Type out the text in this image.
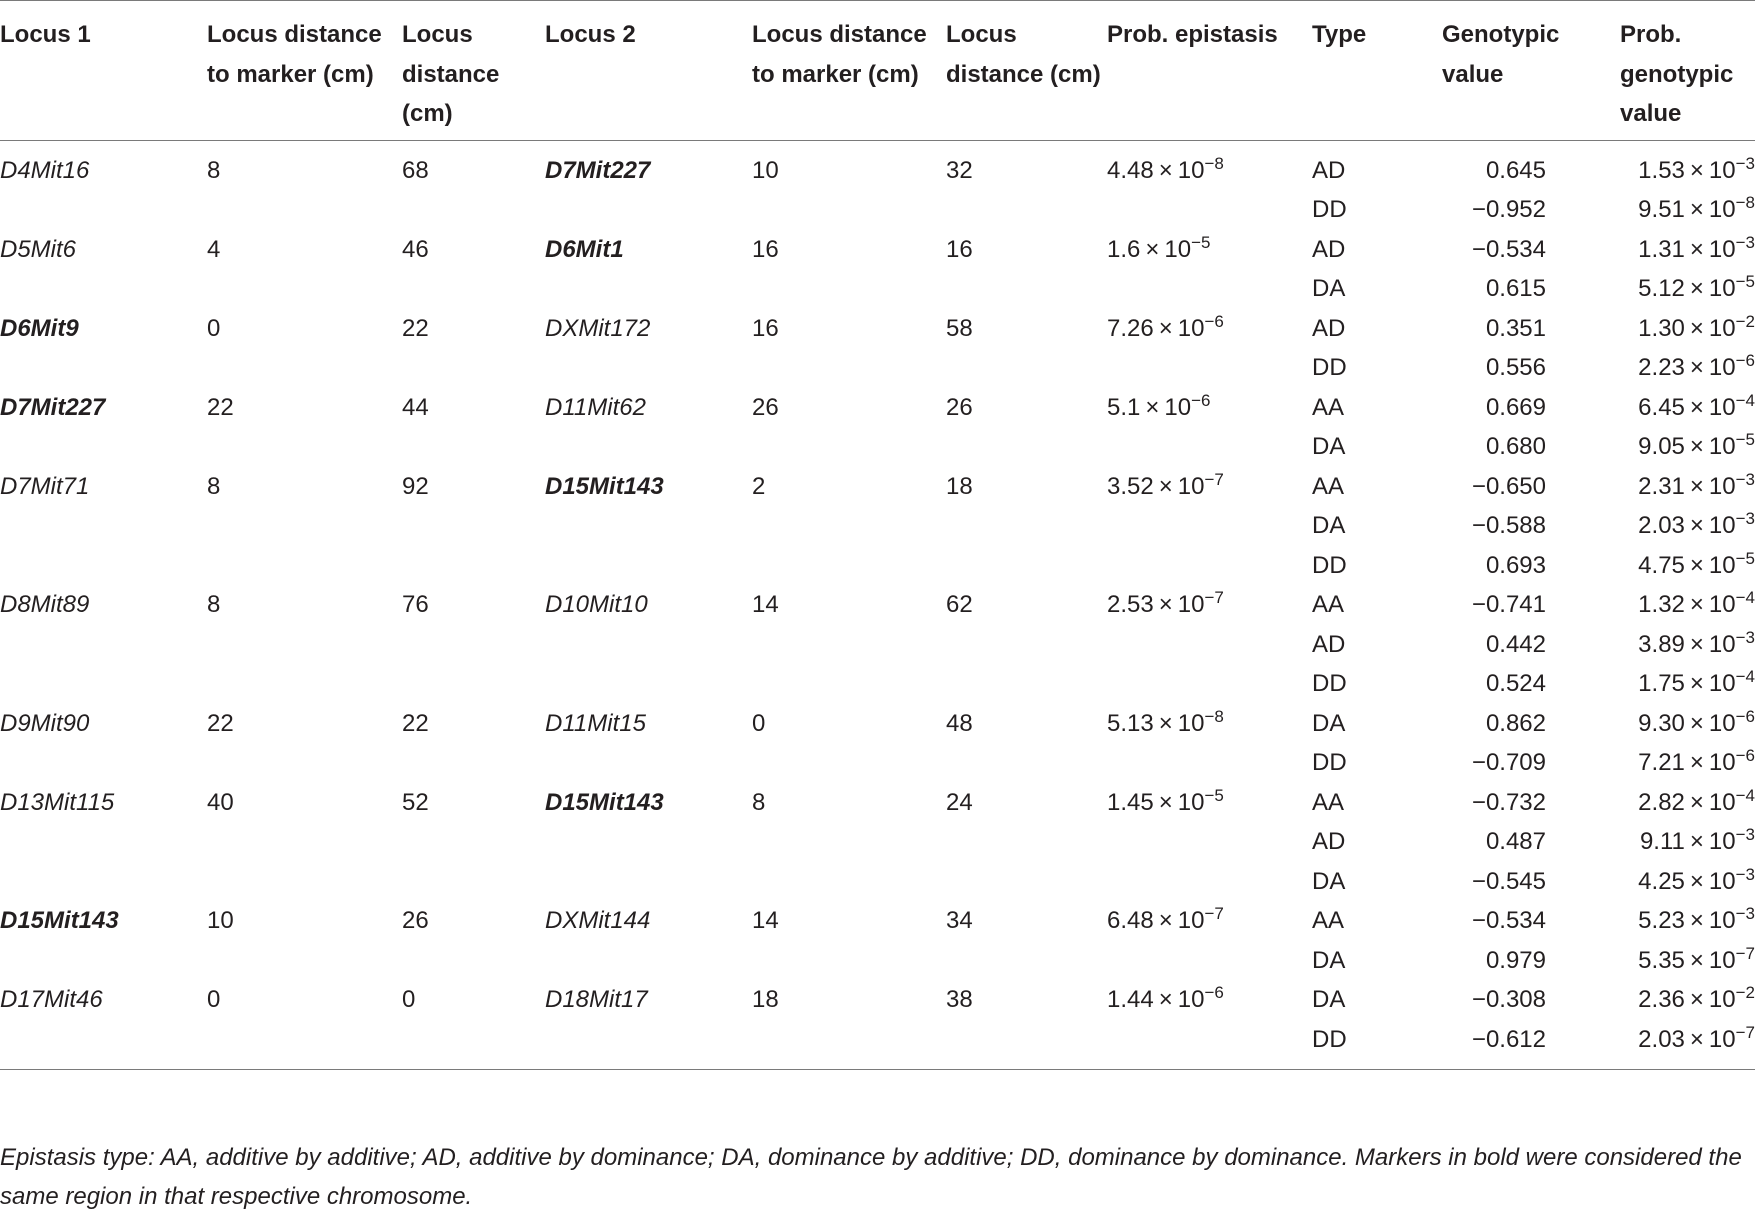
Locus 1	Locus distance to marker (cm)	Locus distance (cm)	Locus 2	Locus distance to marker (cm)	Locus distance (cm)	Prob. epistasis	Type	Genotypic value	Prob. genotypic value
D4Mit16	8	68	D7Mit227	10	32	$4.48 \times 10^{-8}$	AD	0.645	$1.53 \times 10^{-3}$
							DD	−0.952	$9.51 \times 10^{-8}$
D5Mit6	4	46	D6Mit1	16	16	$1.6 \times 10^{-5}$	AD	−0.534	$1.31 \times 10^{-3}$
							DA	0.615	$5.12 \times 10^{-5}$
D6Mit9	0	22	DXMit172	16	58	$7.26 \times 10^{-6}$	AD	0.351	$1.30 \times 10^{-2}$
							DD	0.556	$2.23 \times 10^{-6}$
D7Mit227	22	44	D11Mit62	26	26	$5.1 \times 10^{-6}$	AA	0.669	$6.45 \times 10^{-4}$
							DA	0.680	$9.05 \times 10^{-5}$
D7Mit71	8	92	D15Mit143	2	18	$3.52 \times 10^{-7}$	AA	−0.650	$2.31 \times 10^{-3}$
							DA	−0.588	$2.03 \times 10^{-3}$
							DD	0.693	$4.75 \times 10^{-5}$
D8Mit89	8	76	D10Mit10	14	62	$2.53 \times 10^{-7}$	AA	−0.741	$1.32 \times 10^{-4}$
							AD	0.442	$3.89 \times 10^{-3}$
							DD	0.524	$1.75 \times 10^{-4}$
D9Mit90	22	22	D11Mit15	0	48	$5.13 \times 10^{-8}$	DA	0.862	$9.30 \times 10^{-6}$
							DD	−0.709	$7.21 \times 10^{-6}$
D13Mit115	40	52	D15Mit143	8	24	$1.45 \times 10^{-5}$	AA	−0.732	$2.82 \times 10^{-4}$
							AD	0.487	$9.11 \times 10^{-3}$
							DA	−0.545	$4.25 \times 10^{-3}$
D15Mit143	10	26	DXMit144	14	34	$6.48 \times 10^{-7}$	AA	−0.534	$5.23 \times 10^{-3}$
							DA	0.979	$5.35 \times 10^{-7}$
D17Mit46	0	0	D18Mit17	18	38	$1.44 \times 10^{-6}$	DA	−0.308	$2.36 \times 10^{-2}$
							DD	−0.612	$2.03 \times 10^{-7}$

Epistasis type: AA, additive by additive; AD, additive by dominance; DA, dominance by additive; DD, dominance by dominance. Markers in bold were considered the same region in that respective chromosome.
